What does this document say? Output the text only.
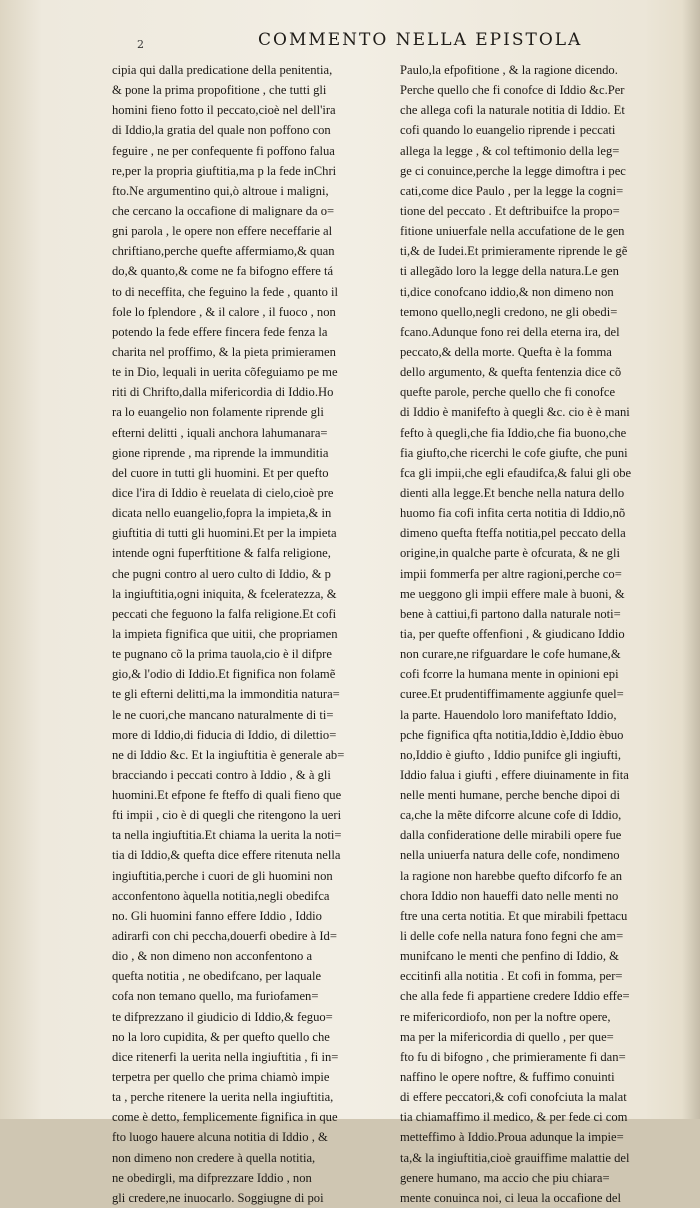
2	COMMENTO NELLA EPISTOLA
cipia qui dalla predicatione della penitentia,
& pone la prima propofitione , che tutti gli
homini fieno fotto il peccato,cioè nel dell'ira
di Iddio,la gratia del quale non poffono con
feguire , ne per confequente fi poffono falua
re,per la propria giuftitia,ma p la fede inChri
fto.Ne argumentino qui,ò altroue i maligni,
che cercano la occafione di malignare da o=
gni parola , le opere non effere neceffarie al
chriftiano,perche quefte affermiamo,& quan
do,& quanto,& come ne fa bifogno effere tá
to di neceffita, che feguino la fede , quanto il
fole lo fplendore , & il calore , il fuoco , non
potendo la fede effere fincera fede fenza la
charita nel proffimo, & la pieta primieramen
te in Dio, lequali in uerita cõfeguiamo pe me
riti di Chrifto,dalla mifericordia di Iddio.Ho
ra lo euangelio non folamente riprende gli
efterni delitti , iquali anchora lahumanara=
gione riprende , ma riprende la immunditia
del cuore in tutti gli huomini. Et per quefto
dice l'ira di Iddio è reuelata di cielo,cioè pre
dicata nello euangelio,fopra la impieta,& in
giuftitia di tutti gli huomini.Et per la impieta
intende ogni fuperftitione & falfa religione,
che pugni contro al uero culto di Iddio, & p
la ingiuftitia,ogni iniquita, & fceleratezza, &
peccati che feguono la falfa religione.Et cofi
la impieta fignifica que uitii, che propriamen
te pugnano cõ la prima tauola,cio è il difpre
gio,& l'odio di Iddio.Et fignifica non folamẽ
te gli efterni delitti,ma la immonditia natura=
le ne cuori,che mancano naturalmente di ti=
more di Iddio,di fiducia di Iddio, di dilettio=
ne di Iddio &c. Et la ingiuftitia è generale ab=
bracciando i peccati contro à Iddio , & à gli
huomini.Et efpone fe fteffo di quali fieno que
fti impii , cio è di quegli che ritengono la ueri
ta nella ingiuftitia.Et chiama la uerita la noti=
tia di Iddio,& quefta dice effere ritenuta nella
ingiuftitia,perche i cuori de gli huomini non
acconfentono àquella notitia,negli obedifca
no. Gli huomini fanno effere Iddio , Iddio
adirarfi con chi peccha,douerfi obedire à Id=
dio , & non dimeno non acconfentono a
quefta notitia , ne obedifcano, per laquale
cofa non temano quello, ma furiofamen=
te difprezzano il giudicio di Iddio,& feguo=
no la loro cupidita, & per quefto quello che
dice ritenerfi la uerita nella ingiuftitia , fi in=
terpetra per quello che prima chiamò impie
ta , perche ritenere la uerita nella ingiuftitia,
come è detto, femplicemente fignifica in que
fto luogo hauere alcuna notitia di Iddio , &
non dimeno non credere à quella notitia,
ne obedirgli, ma difprezzare Iddio , non
gli credere,ne inuocarlo. Soggiugne di poi
Paulo,la efpofitione , & la ragione dicendo.
Perche quello che fi conofce di Iddio &c.Per
che allega cofi la naturale notitia di Iddio. Et
cofi quando lo euangelio riprende i peccati
allega la legge , & col teftimonio della leg=
ge ci conuince,perche la legge dimoftra i pec
cati,come dice Paulo , per la legge la cogni=
tione del peccato . Et deftribuifce la propo=
fitione uniuerfale nella accufatione de le gen
ti,& de Iudei.Et primieramente riprende le gẽ
ti allegãdo loro la legge della natura.Le gen
ti,dice conofcano iddio,& non dimeno non
temono quello,negli credono, ne gli obedi=
fcano.Adunque fono rei della eterna ira, del
peccato,& della morte. Quefta è la fomma
dello argumento, & quefta fentenzia dice cõ
quefte parole, perche quello che fi conofce
di Iddio è manifefto à quegli &c. cio è è mani
fefto à quegli,che fia Iddio,che fia buono,che
fia giufto,che ricerchi le cofe giufte, che puni
fca gli impii,che egli efaudifca,& falui gli obe
dienti alla legge.Et benche nella natura dello
huomo fia cofi infita certa notitia di Iddio,nõ
dimeno quefta fteffa notitia,pel peccato della
origine,in qualche parte è ofcurata, & ne gli
impii fommerfa per altre ragioni,perche co=
me ueggono gli impii effere male à buoni, &
bene à cattiui,fi partono dalla naturale noti=
tia, per quefte offenfioni , & giudicano Iddio
non curare,ne rifguardare le cofe humane,&
cofi fcorre la humana mente in opinioni epi
curee.Et prudentiffimamente aggiunfe quel=
la parte. Hauendolo loro manifeftato Iddio,
pche fignifica qfta notitia,Iddio è,Iddio èbuo
no,Iddio è giufto , Iddio punifce gli ingiufti,
Iddio falua i giufti , effere diuinamente in fita
nelle menti humane, perche benche dipoi di
ca,che la mẽte difcorre alcune cofe di Iddio,
dalla confideratione delle mirabili opere fue
nella uniuerfa natura delle cofe, nondimeno
la ragione non harebbe quefto difcorfo fe an
chora Iddio non haueffi dato nelle menti no
ftre una certa notitia. Et que mirabili fpettacu
li delle cofe nella natura fono fegni che am=
munifcano le menti che penfino di Iddio, &
eccitinfi alla notitia . Et cofi in fomma, per=
che alla fede fi appartiene credere Iddio effe=
re mifericordiofo, non per la noftre opere,
ma per la mifericordia di quello , per que=
fto fu di bifogno , che primieramente fi dan=
naffino le opere noftre, & fuffimo conuinti
di effere peccatori,& cofi conofciuta la malat
tia chiamaffimo il medico, & per fede ci com
metteffimo à Iddio.Proua adunque la impie=
ta,& la ingiuftitia,cioè grauiffime malattie del
genere humano, ma accio che piu chiara=
mente conuinca noi, ci leua la occafione del
